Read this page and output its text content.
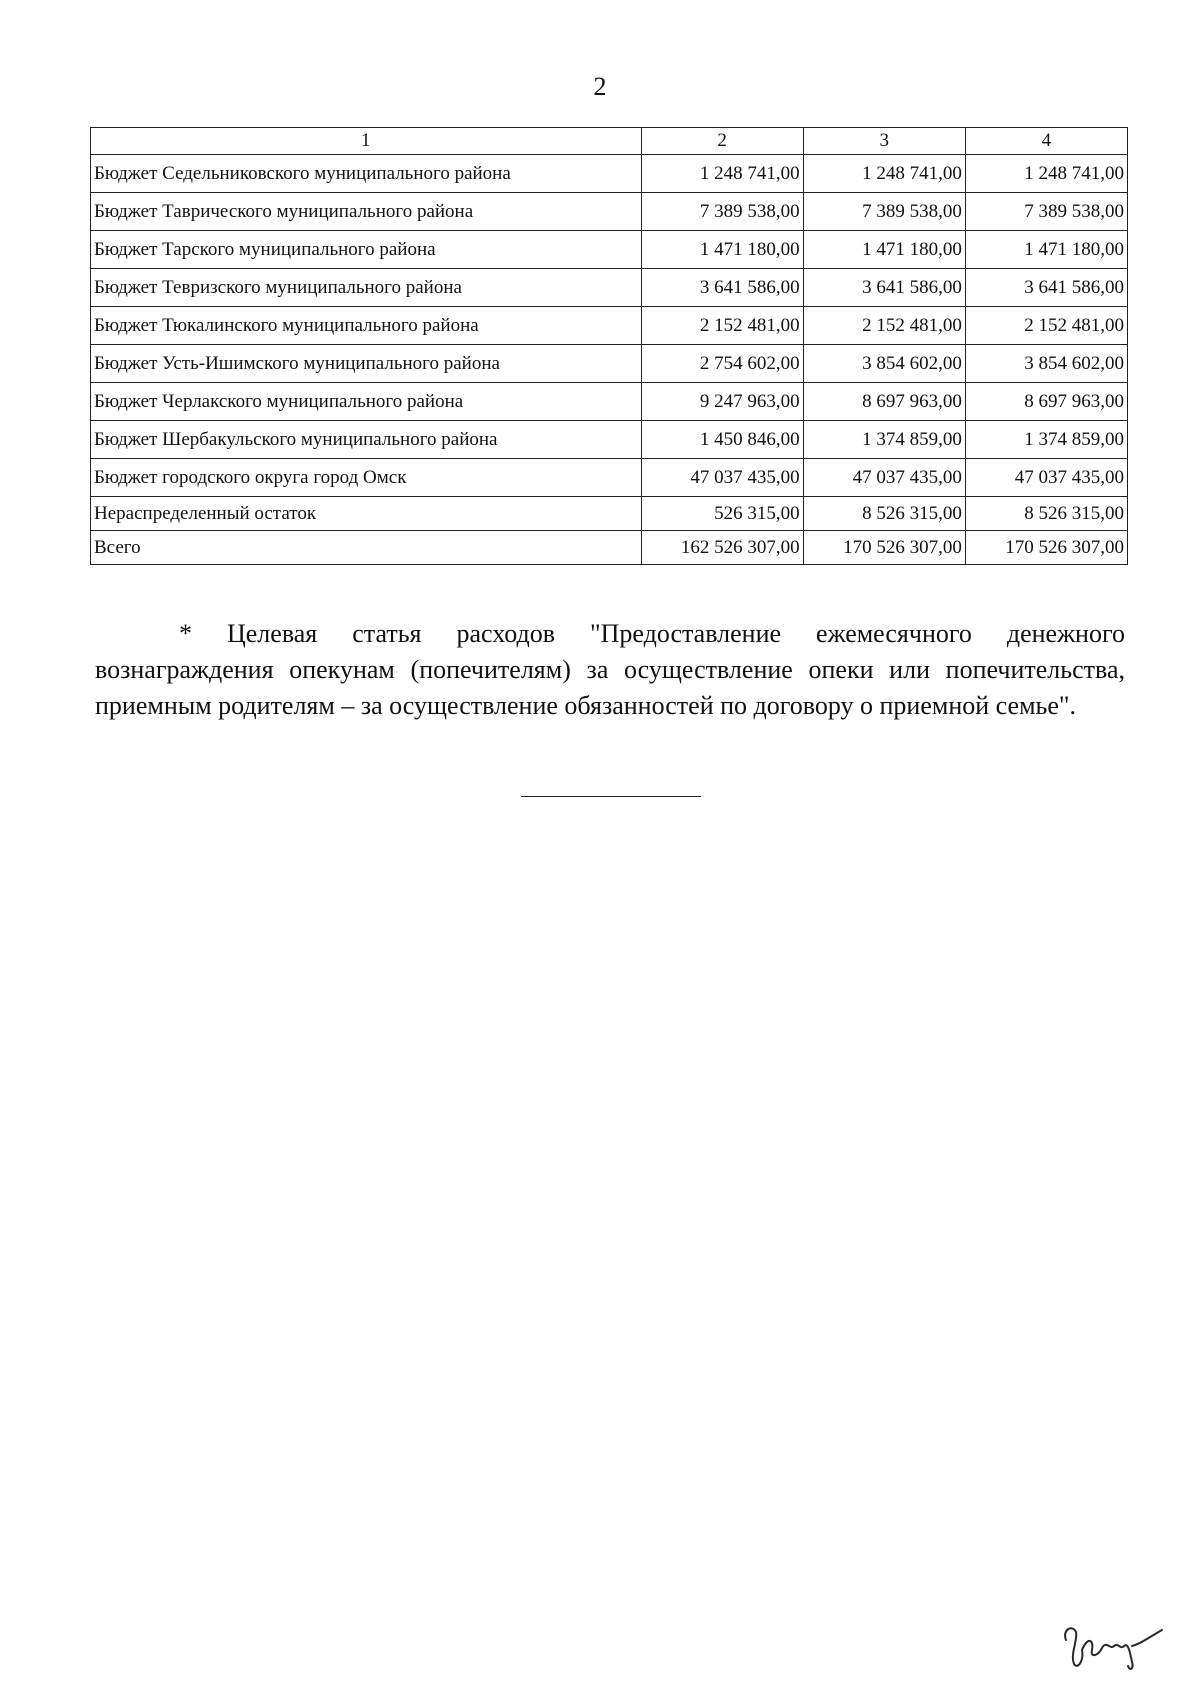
2
1	2	3	4
Бюджет Седельниковского муниципального района	1 248 741,00	1 248 741,00	1 248 741,00
Бюджет Таврического муниципального района	7 389 538,00	7 389 538,00	7 389 538,00
Бюджет Тарского муниципального района	1 471 180,00	1 471 180,00	1 471 180,00
Бюджет Тевризского муниципального района	3 641 586,00	3 641 586,00	3 641 586,00
Бюджет Тюкалинского муниципального района	2 152 481,00	2 152 481,00	2 152 481,00
Бюджет Усть-Ишимского муниципального района	2 754 602,00	3 854 602,00	3 854 602,00
Бюджет Черлакского муниципального района	9 247 963,00	8 697 963,00	8 697 963,00
Бюджет Шербакульского муниципального района	1 450 846,00	1 374 859,00	1 374 859,00
Бюджет городского округа город Омск	47 037 435,00	47 037 435,00	47 037 435,00
Нераспределенный остаток	526 315,00	8 526 315,00	8 526 315,00
Всего	162 526 307,00	170 526 307,00	170 526 307,00
* Целевая статья расходов "Предоставление ежемесячного денежного вознаграждения опекунам (попечителям) за осуществление опеки или попечительства, приемным родителям – за осуществление обязанностей по договору о приемной семье".
